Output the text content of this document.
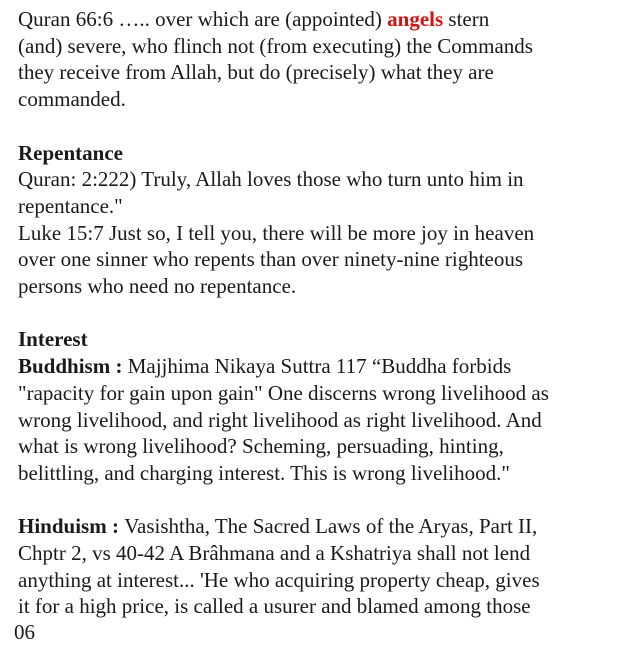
Quran 66:6 ….. over which are (appointed) angels stern
(and) severe, who flinch not (from executing) the Commands
they receive from Allah, but do (precisely) what they are
commanded.
Repentance
Quran: 2:222) Truly, Allah loves those who turn unto him in
repentance."
Luke 15:7 Just so, I tell you, there will be more joy in heaven
over one sinner who repents than over ninety-nine righteous
persons who need no repentance.
Interest
Buddhism : Majjhima Nikaya Suttra 117 “Buddha forbids
"rapacity for gain upon gain" One discerns wrong livelihood as
wrong livelihood, and right livelihood as right livelihood. And
what is wrong livelihood? Scheming, persuading, hinting,
belittling, and charging interest. This is wrong livelihood."
Hinduism : Vasishtha, The Sacred Laws of the Aryas, Part II,
Chptr 2, vs 40-42 A Brâhmana and a Kshatriya shall not lend
anything at interest... 'He who acquiring property cheap, gives
it for a high price, is called a usurer and blamed among those
06
